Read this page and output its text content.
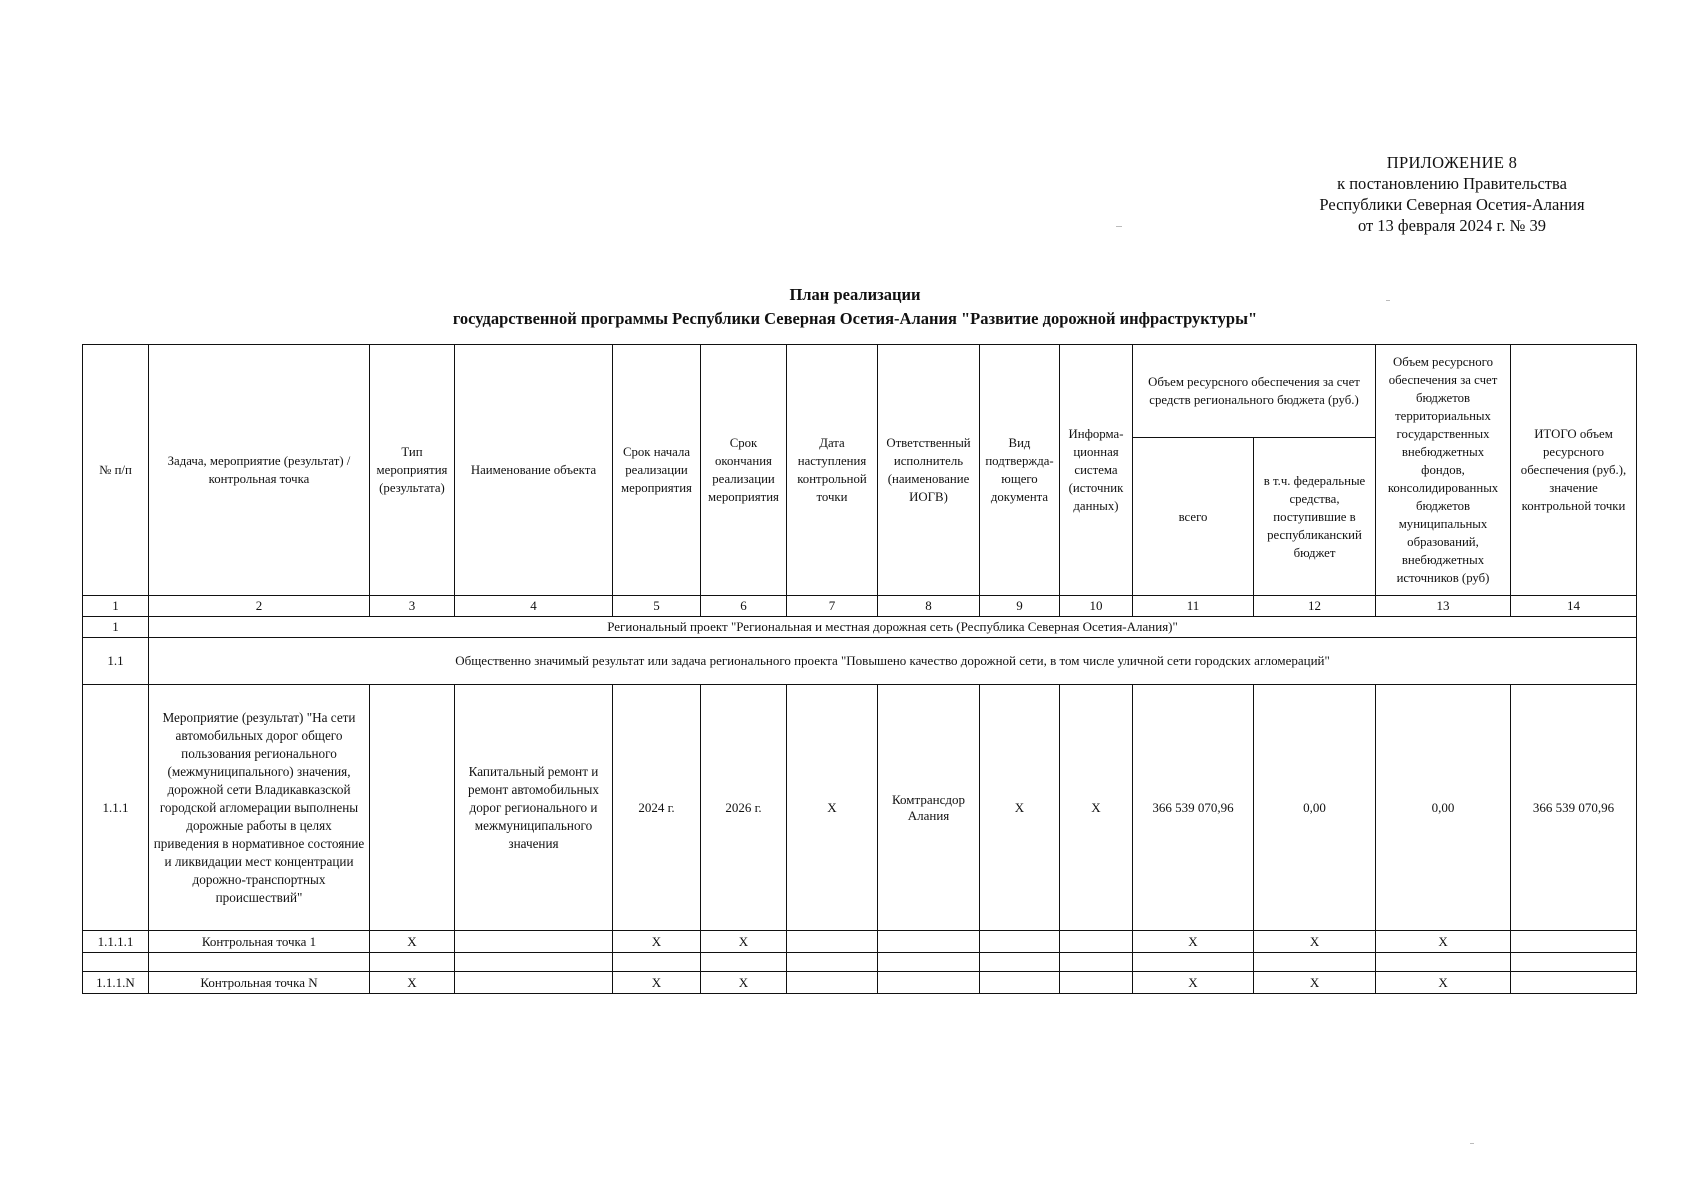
ПРИЛОЖЕНИЕ 8
к постановлению Правительства
Республики Северная Осетия-Алания
от 13 февраля 2024 г. № 39
План реализации
государственной программы Республики Северная Осетия-Алания "Развитие дорожной инфраструктуры"
№ п/п	Задача, мероприятие (результат) / контрольная точка	Тип мероприятия (результата)	Наименование объекта	Срок начала реализации мероприятия	Срок окончания реализации мероприятия	Дата наступления контрольной точки	Ответственный исполнитель (наименование ИОГВ)	Вид подтвержда-ющего документа	Информа-ционная система (источник данных)	Объем ресурсного обеспечения за счет средств регионального бюджета (руб.)		Объем ресурсного обеспечения за счет бюджетов территориальных государственных внебюджетных фондов, консолидированных бюджетов муниципальных образований, внебюджетных источников (руб)	ИТОГО объем ресурсного обеспечения (руб.), значение контрольной точки
										всего	в т.ч. федеральные средства, поступившие в республиканский бюджет		
1	2	3	4	5	6	7	8	9	10	11	12	13	14
1	Региональный проект "Региональная и местная дорожная сеть (Республика Северная Осетия-Алания)"												
1.1	Общественно значимый результат или задача регионального проекта "Повышено качество дорожной сети, в том числе уличной сети городских агломераций"												
1.1.1	Мероприятие (результат) "На сети автомобильных дорог общего пользования регионального (межмуниципального) значения, дорожной сети Владикавказской городской агломерации выполнены дорожные работы в целях приведения в нормативное состояние и ликвидации мест концентрации дорожно-транспортных происшествий"		Капитальный ремонт и ремонт автомобильных дорог регионального и межмуниципального значения	2024 г.	2026 г.	X	Комтрансдор Алания	X	X	366 539 070,96	0,00	0,00	366 539 070,96
1.1.1.1	Контрольная точка 1	X		X	X					X	X	X	

1.1.1.N	Контрольная точка N	X		X	X					X	X	X	
